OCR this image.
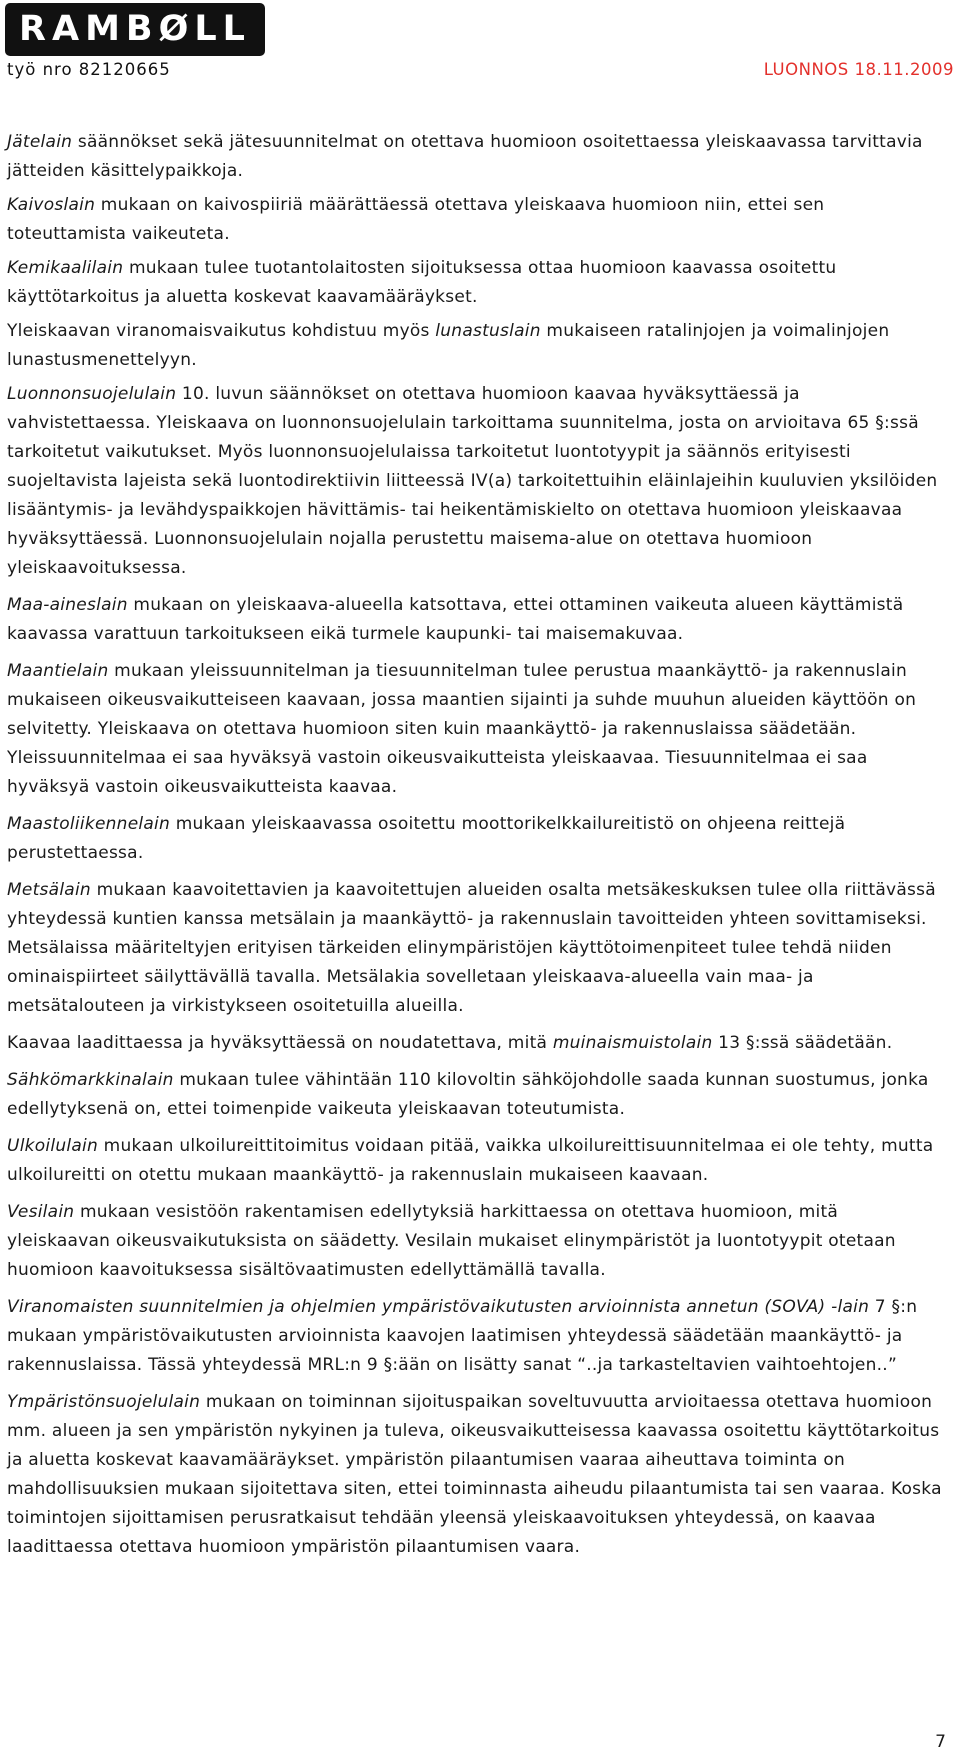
RAMBØLL
työ nro 82120665	LUONNOS 18.11.2009

Jätelain säännökset sekä jätesuunnitelmat on otettava huomioon osoitettaessa yleiskaavassa tarvittavia jätteiden käsittelypaikkoja.

Kaivoslain mukaan on kaivospiiriä määrättäessä otettava yleiskaava huomioon niin, ettei sen toteuttamista vaikeuteta.

Kemikaalilain mukaan tulee tuotantolaitosten sijoituksessa ottaa huomioon kaavassa osoitettu käyttötarkoitus ja aluetta koskevat kaavamääräykset.

Yleiskaavan viranomaisvaikutus kohdistuu myös lunastuslain mukaiseen ratalinjojen ja voimalinjojen lunastusmenettelyyn.

Luonnonsuojelulain 10. luvun säännökset on otettava huomioon kaavaa hyväksyttäessä ja vahvistettaessa. Yleiskaava on luonnonsuojelulain tarkoittama suunnitelma, josta on arvioitava 65 §:ssä tarkoitetut vaikutukset. Myös luonnonsuojelulaissa tarkoitetut luontotyypit ja säännös erityisesti suojeltavista lajeista sekä luontodirektiivin liitteessä IV(a) tarkoitettuihin eläinlajeihin kuuluvien yksilöiden lisääntymis- ja levähdyspaikkojen hävittämis- tai heikentämiskielto on otettava huomioon yleiskaavaa hyväksyttäessä. Luonnonsuojelulain nojalla perustettu maisema-alue on otettava huomioon yleiskaavoituksessa.

Maa-aineslain mukaan on yleiskaava-alueella katsottava, ettei ottaminen vaikeuta alueen käyttämistä kaavassa varattuun tarkoitukseen eikä turmele kaupunki- tai maisemakuvaa.

Maantielain mukaan yleissuunnitelman ja tiesuunnitelman tulee perustua maankäyttö- ja rakennuslain mukaiseen oikeusvaikutteiseen kaavaan, jossa maantien sijainti ja suhde muuhun alueiden käyttöön on selvitetty. Yleiskaava on otettava huomioon siten kuin maankäyttö- ja rakennuslaissa säädetään. Yleissuunnitelmaa ei saa hyväksyä vastoin oikeusvaikutteista yleiskaavaa. Tiesuunnitelmaa ei saa hyväksyä vastoin oikeusvaikutteista kaavaa.

Maastoliikennelain mukaan yleiskaavassa osoitettu moottorikelkkailureitistö on ohjeena reittejä perustettaessa.

Metsälain mukaan kaavoitettavien ja kaavoitettujen alueiden osalta metsäkeskuksen tulee olla riittävässä yhteydessä kuntien kanssa metsälain ja maankäyttö- ja rakennuslain tavoitteiden yhteen sovittamiseksi. Metsälaissa määriteltyjen erityisen tärkeiden elinympäristöjen käyttötoimenpiteet tulee tehdä niiden ominaispiirteet säilyttävällä tavalla. Metsälakia sovelletaan yleiskaava-alueella vain maa- ja metsätalouteen ja virkistykseen osoitetuilla alueilla.

Kaavaa laadittaessa ja hyväksyttäessä on noudatettava, mitä muinaismuistolain 13 §:ssä säädetään.

Sähkömarkkinalain mukaan tulee vähintään 110 kilovoltin sähköjohdolle saada kunnan suostumus, jonka edellytyksenä on, ettei toimenpide vaikeuta yleiskaavan toteutumista.

Ulkoilulain mukaan ulkoilureittitoimitus voidaan pitää, vaikka ulkoilureittisuunnitelmaa ei ole tehty, mutta ulkoilureitti on otettu mukaan maankäyttö- ja rakennuslain mukaiseen kaavaan.

Vesilain mukaan vesistöön rakentamisen edellytyksiä harkittaessa on otettava huomioon, mitä yleiskaavan oikeusvaikutuksista on säädetty. Vesilain mukaiset elinympäristöt ja luontotyypit otetaan huomioon kaavoituksessa sisältövaatimusten edellyttämällä tavalla.

Viranomaisten suunnitelmien ja ohjelmien ympäristövaikutusten arvioinnista annetun (SOVA) -lain 7 §:n mukaan ympäristövaikutusten arvioinnista kaavojen laatimisen yhteydessä säädetään maankäyttö- ja rakennuslaissa. Tässä yhteydessä MRL:n 9 §:ään on lisätty sanat “..ja tarkasteltavien vaihtoehtojen..”

Ympäristönsuojelulain mukaan on toiminnan sijoituspaikan soveltuvuutta arvioitaessa otettava huomioon mm. alueen ja sen ympäristön nykyinen ja tuleva, oikeusvaikutteisessa kaavassa osoitettu käyttötarkoitus ja aluetta koskevat kaavamääräykset. ympäristön pilaantumisen vaaraa aiheuttava toiminta on mahdollisuuksien mukaan sijoitettava siten, ettei toiminnasta aiheudu pilaantumista tai sen vaaraa. Koska toimintojen sijoittamisen perusratkaisut tehdään yleensä yleiskaavoituksen yhteydessä, on kaavaa laadittaessa otettava huomioon ympäristön pilaantumisen vaara.

7
